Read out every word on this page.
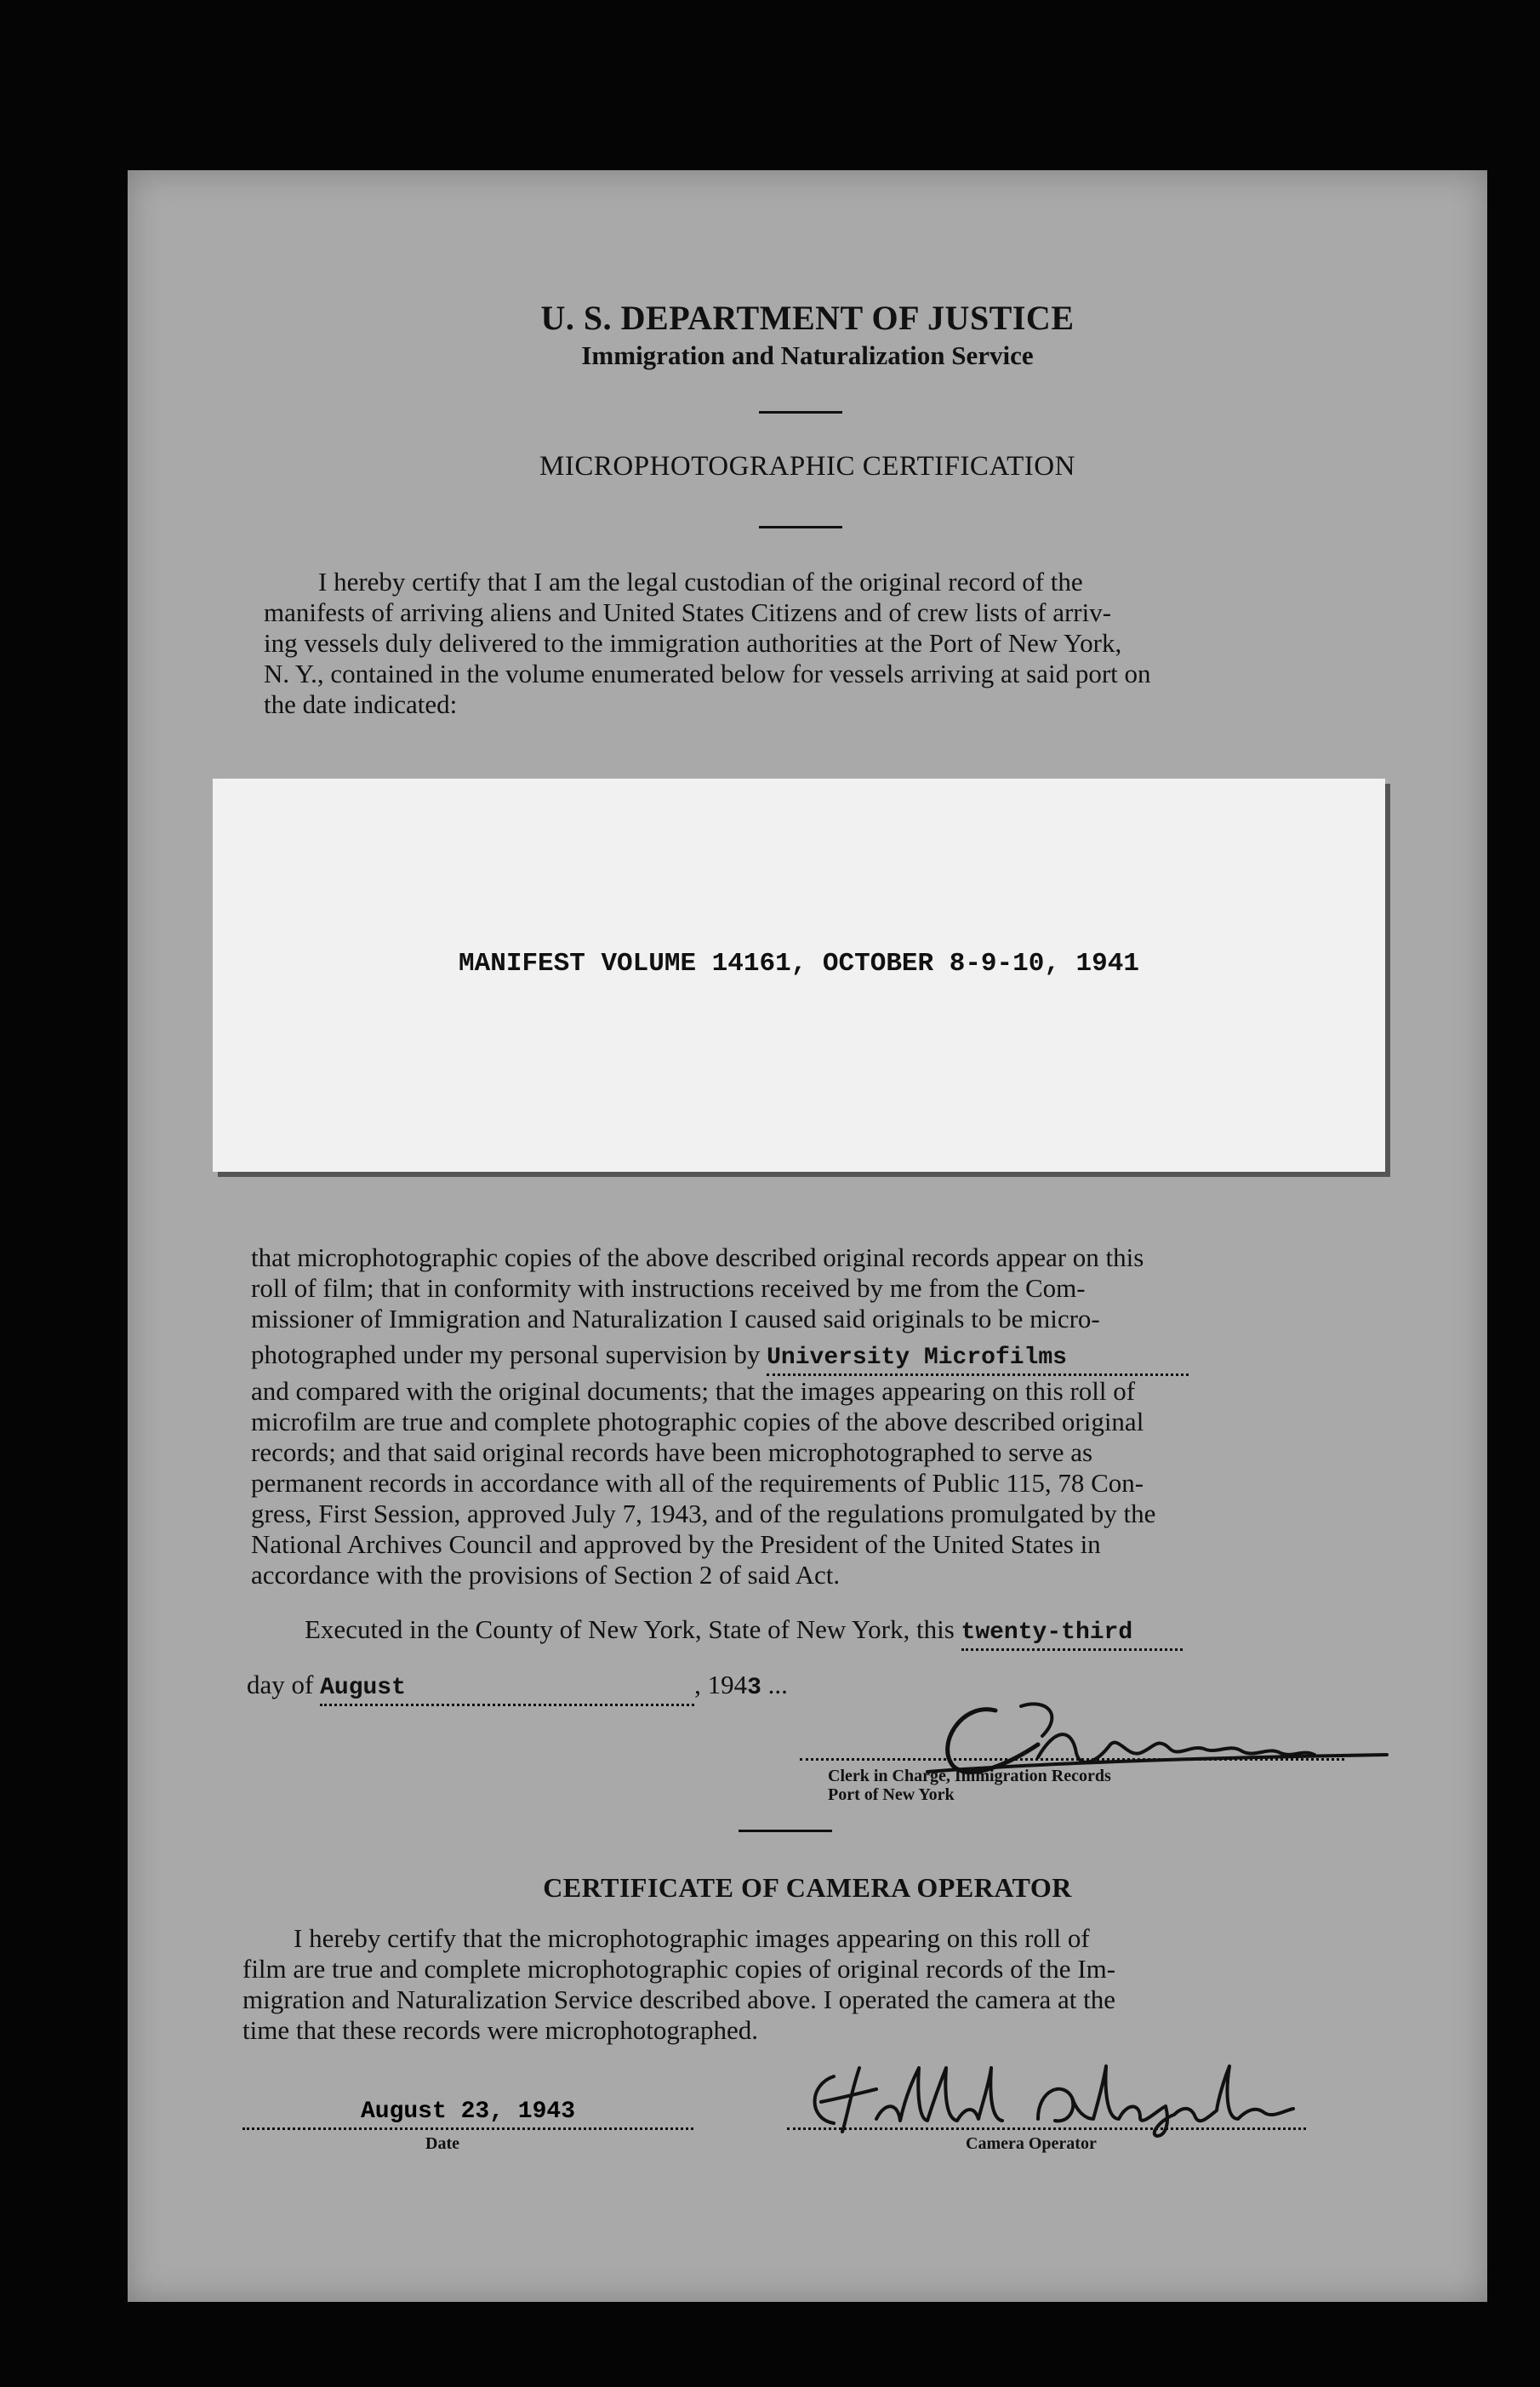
U. S. DEPARTMENT OF JUSTICE
Immigration and Naturalization Service
MICROPHOTOGRAPHIC CERTIFICATION
I hereby certify that I am the legal custodian of the original record of the
manifests of arriving aliens and United States Citizens and of crew lists of arriv-
ing vessels duly delivered to the immigration authorities at the Port of New York,
N. Y., contained in the volume enumerated below for vessels arriving at said port on
the date indicated:
MANIFEST VOLUME 14161, OCTOBER 8-9-10, 1941
that microphotographic copies of the above described original records appear on this
roll of film; that in conformity with instructions received by me from the Com-
missioner of Immigration and Naturalization I caused said originals to be micro-
photographed under my personal supervision by University Microfilms
and compared with the original documents; that the images appearing on this roll of
microfilm are true and complete photographic copies of the above described original
records; and that said original records have been microphotographed to serve as
permanent records in accordance with all of the requirements of Public 115, 78 Con-
gress, First Session, approved July 7, 1943, and of the regulations promulgated by the
National Archives Council and approved by the President of the United States in
accordance with the provisions of Section 2 of said Act.
Executed in the County of New York, State of New York, this twenty-third
day of August	, 1943 ...
Clerk in Charge, Immigration Records
Port of New York
CERTIFICATE OF CAMERA OPERATOR
I hereby certify that the microphotographic images appearing on this roll of
film are true and complete microphotographic copies of original records of the Im-
migration and Naturalization Service described above. I operated the camera at the
time that these records were microphotographed.
August 23, 1943
Date	Camera Operator
